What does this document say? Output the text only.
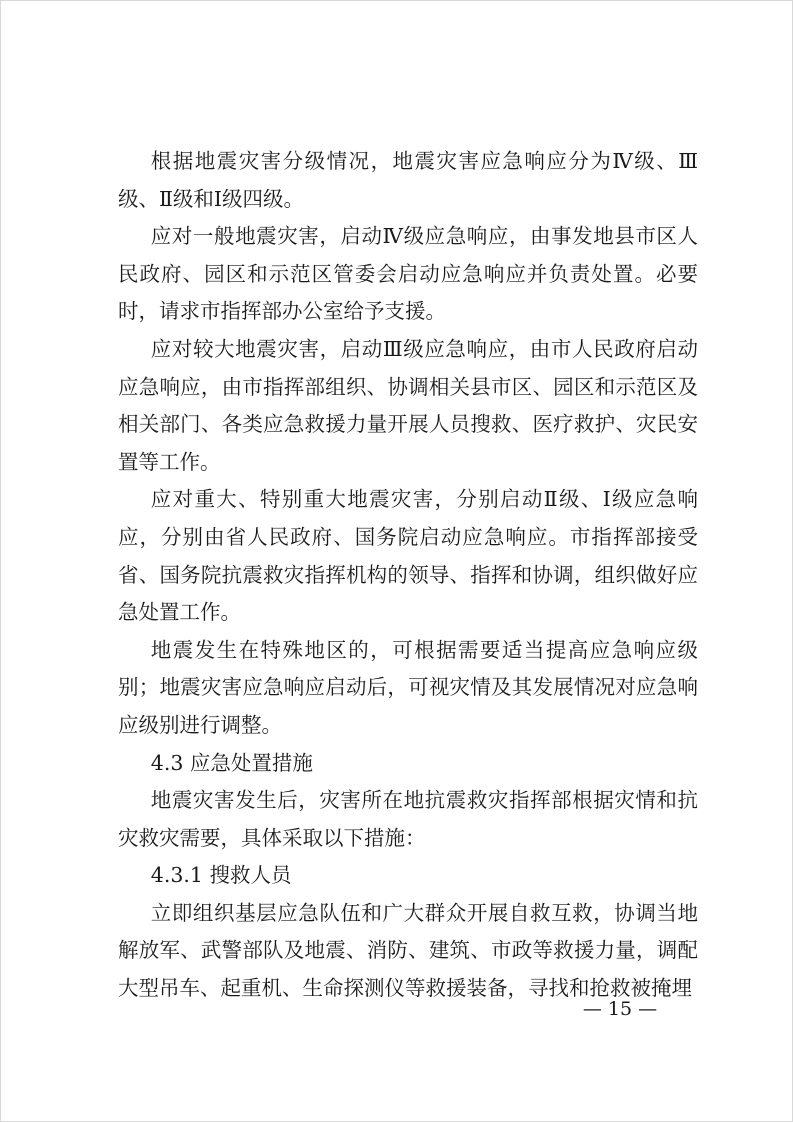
根据地震灾害分级情况，地震灾害应急响应分为Ⅳ级、Ⅲ级、Ⅱ级和Ⅰ级四级。

应对一般地震灾害，启动Ⅳ级应急响应，由事发地县市区人民政府、园区和示范区管委会启动应急响应并负责处置。必要时，请求市指挥部办公室给予支援。

应对较大地震灾害，启动Ⅲ级应急响应，由市人民政府启动应急响应，由市指挥部组织、协调相关县市区、园区和示范区及相关部门、各类应急救援力量开展人员搜救、医疗救护、灾民安置等工作。

应对重大、特别重大地震灾害，分别启动Ⅱ级、Ⅰ级应急响应，分别由省人民政府、国务院启动应急响应。市指挥部接受省、国务院抗震救灾指挥机构的领导、指挥和协调，组织做好应急处置工作。

地震发生在特殊地区的，可根据需要适当提高应急响应级别；地震灾害应急响应启动后，可视灾情及其发展情况对应急响应级别进行调整。

4.3 应急处置措施

地震灾害发生后，灾害所在地抗震救灾指挥部根据灾情和抗灾救灾需要，具体采取以下措施：

4.3.1 搜救人员

立即组织基层应急队伍和广大群众开展自救互救，协调当地解放军、武警部队及地震、消防、建筑、市政等救援力量，调配大型吊车、起重机、生命探测仪等救援装备，寻找和抢救被掩埋

— 15 —
